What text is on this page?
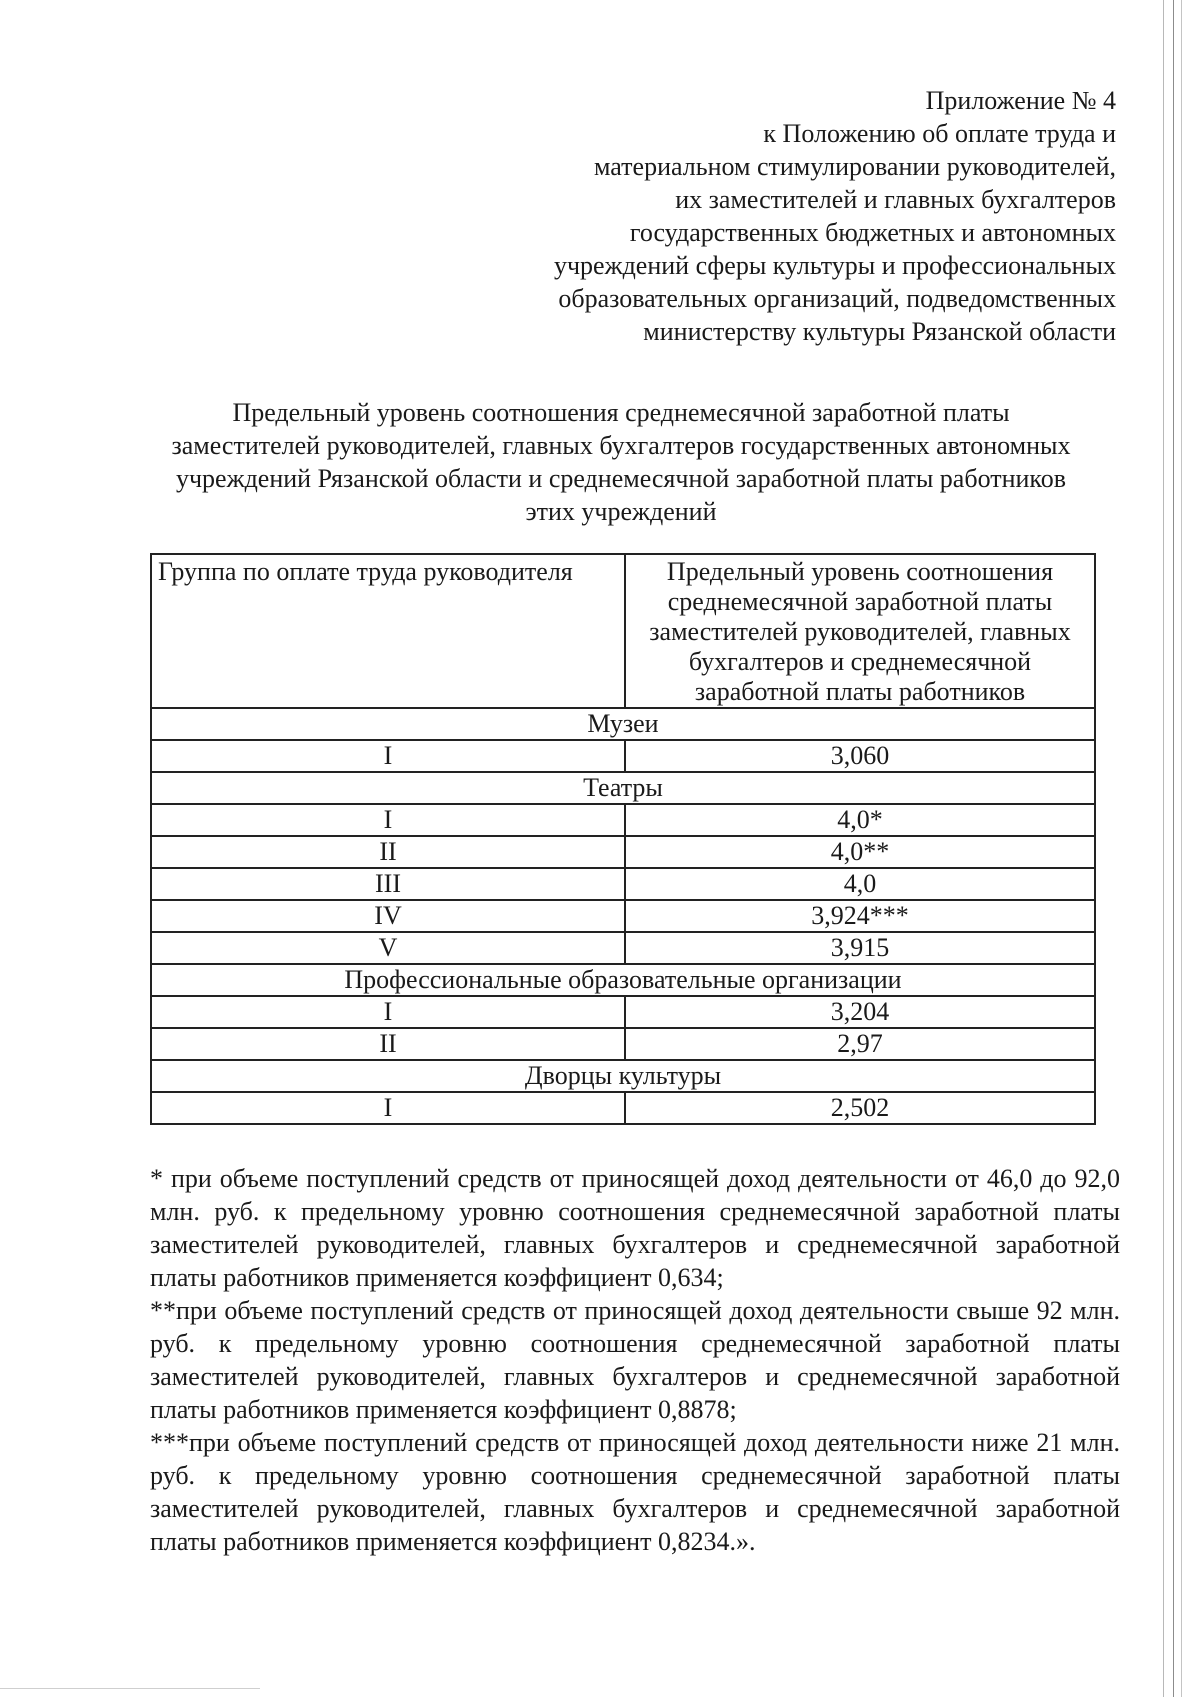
Приложение № 4
к Положению об оплате труда и
материальном стимулировании руководителей,
их заместителей и главных бухгалтеров
государственных бюджетных и автономных
учреждений сферы культуры и профессиональных
образовательных организаций, подведомственных
министерству культуры Рязанской области
Предельный уровень соотношения среднемесячной заработной платы
заместителей руководителей, главных бухгалтеров государственных автономных
учреждений Рязанской области и среднемесячной заработной платы работников
этих учреждений
Группа по оплате труда руководителя	Предельный уровень соотношения
среднемесячной заработной платы
заместителей руководителей, главных
бухгалтеров и среднемесячной
заработной платы работников

Музеи	
I	3,060
Театры	
I	4,0*
II	4,0**
III	4,0
IV	3,924***
V	3,915
Профессиональные образовательные организации	
I	3,204
II	2,97
Дворцы культуры	
I	2,502

* при объеме поступлений средств от приносящей доход деятельности от 46,0 до 92,0 млн. руб. к предельному уровню соотношения среднемесячной заработной платы заместителей руководителей, главных бухгалтеров и среднемесячной заработной платы работников применяется коэффициент 0,634;

**при объеме поступлений средств от приносящей доход деятельности свыше 92 млн. руб. к предельному уровню соотношения среднемесячной заработной платы заместителей руководителей, главных бухгалтеров и среднемесячной заработной платы работников применяется коэффициент 0,8878;

***при объеме поступлений средств от приносящей доход деятельности ниже 21 млн. руб. к предельному уровню соотношения среднемесячной заработной платы заместителей руководителей, главных бухгалтеров и среднемесячной заработной платы работников применяется коэффициент 0,8234.».
